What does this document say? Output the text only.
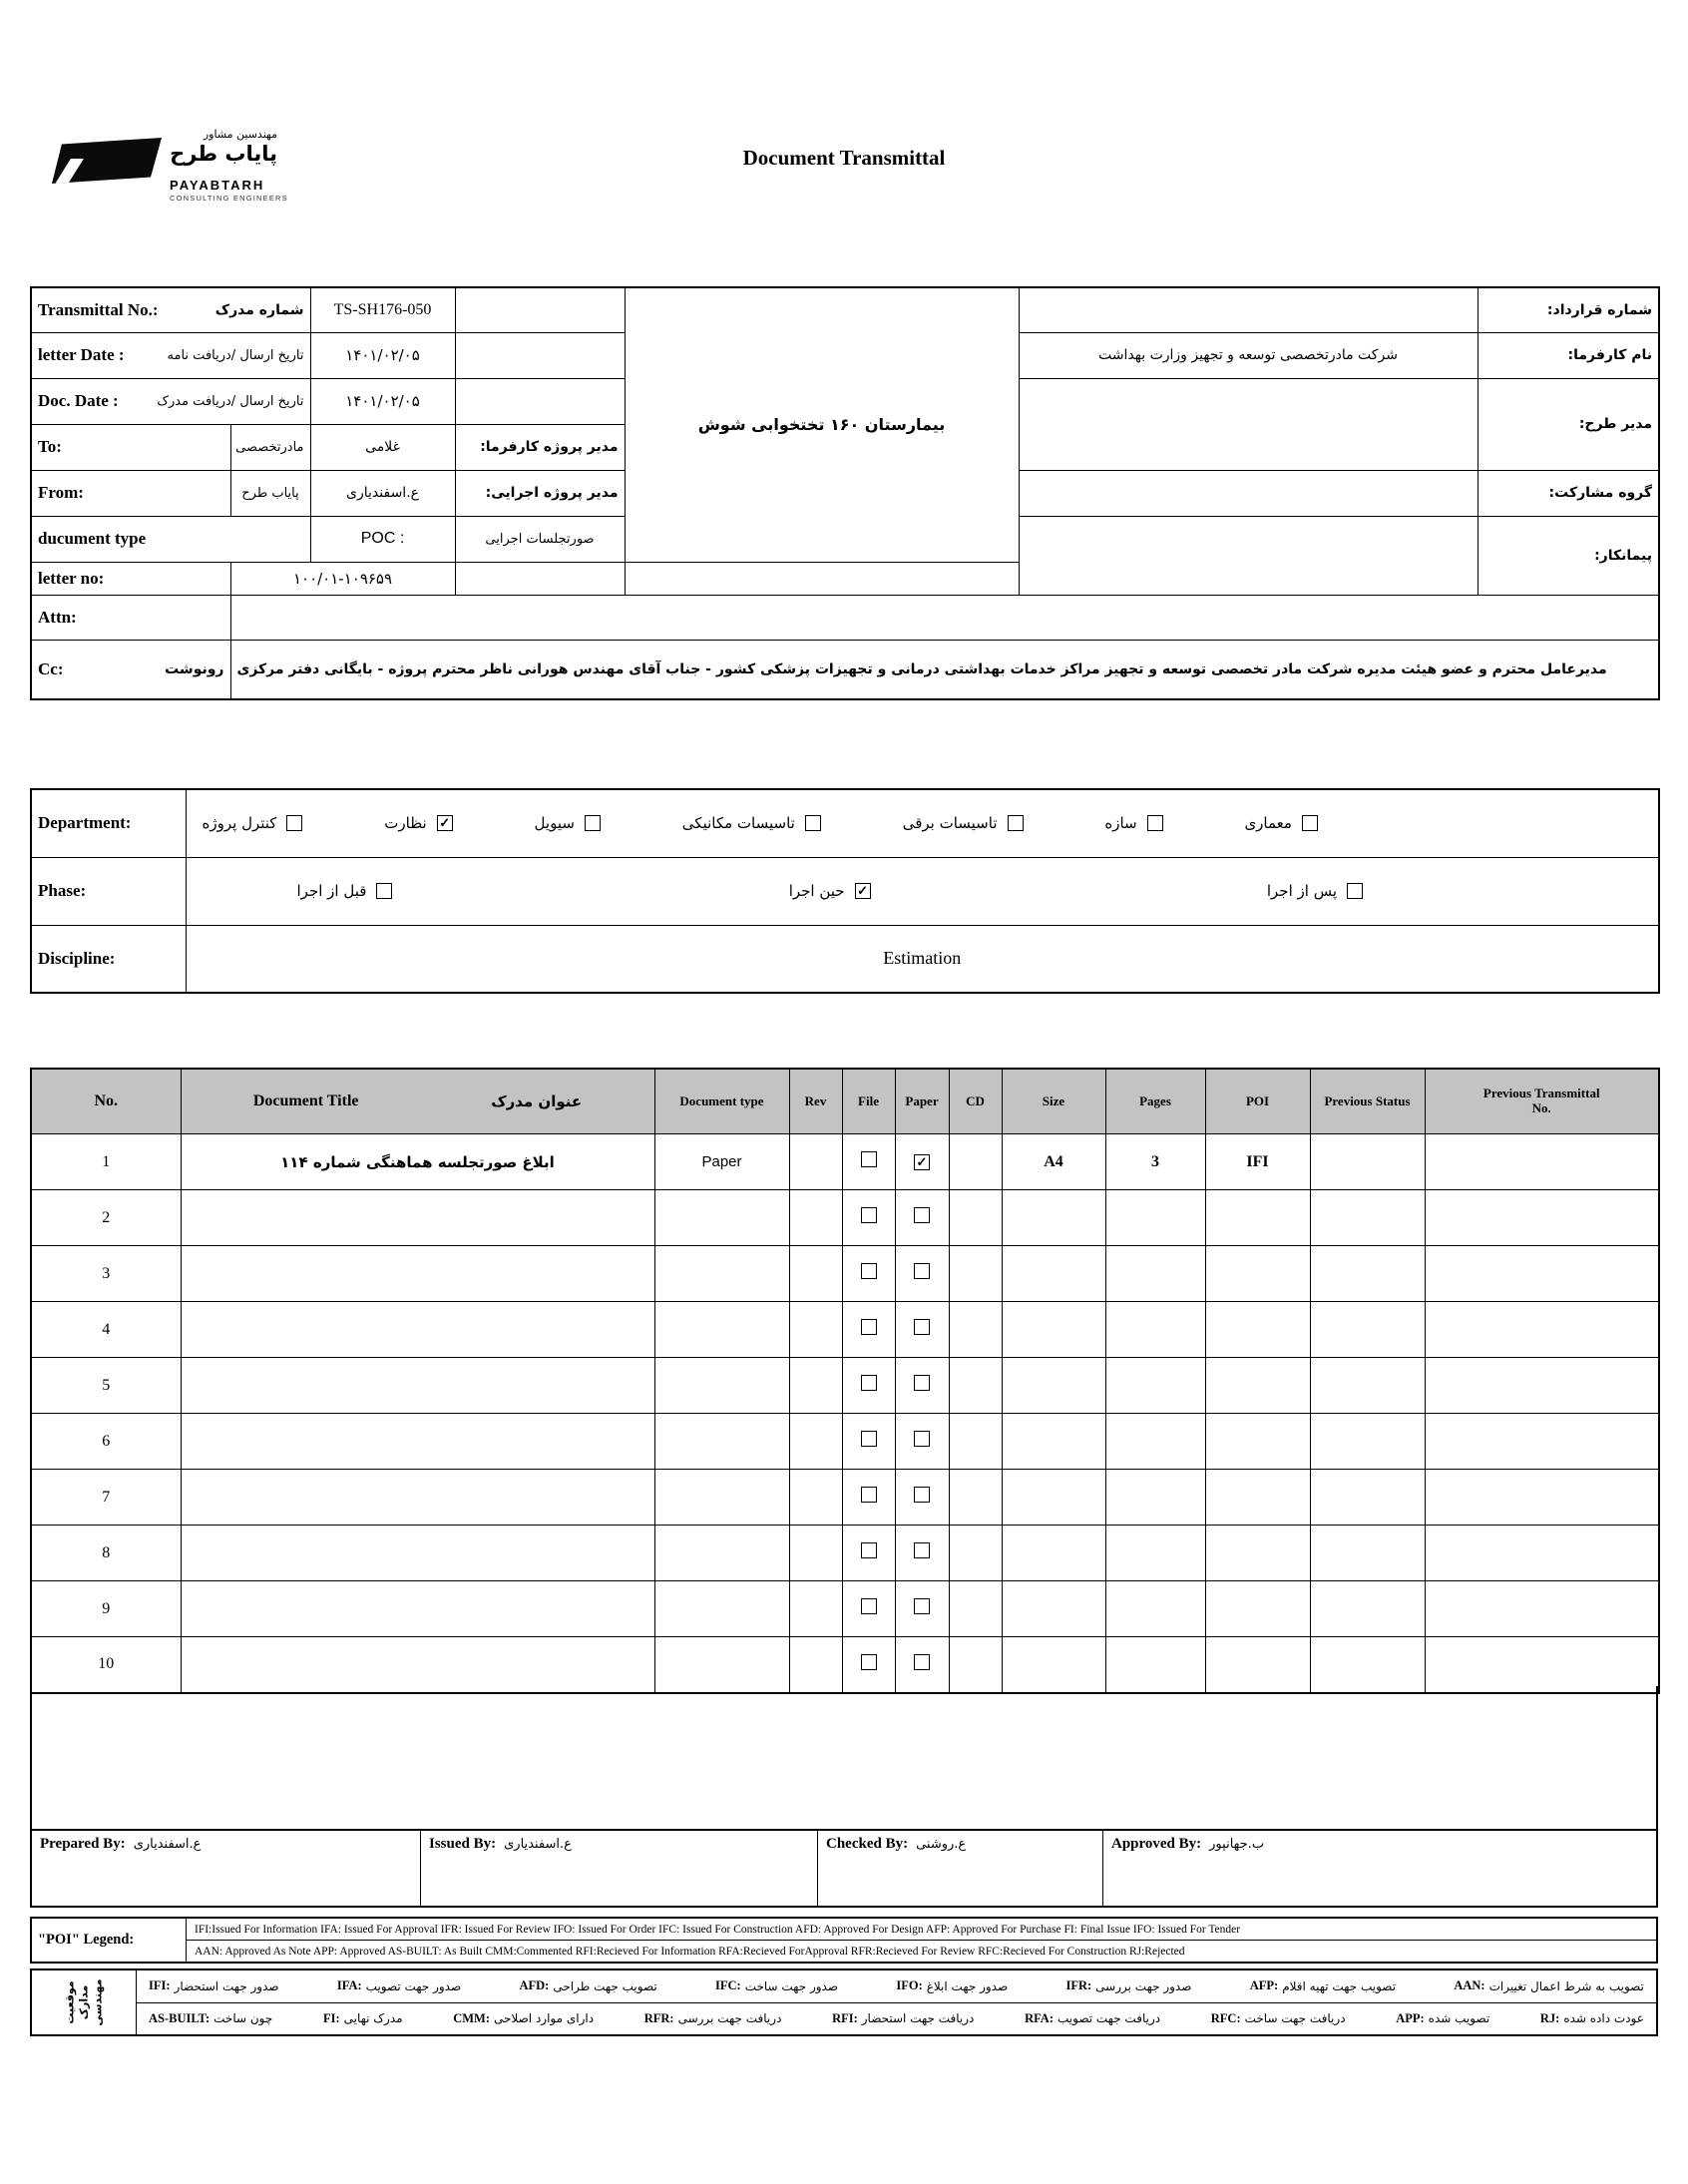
مهندسین مشاور
پایاب طرح
PAYABTARH
CONSULTING ENGINEERS
Document Transmittal
Transmittal No.: شماره مدرک		TS-SH176-050		بیمارستان ۱۶۰ تختخوابی شوش		شماره قرارداد:

letter Date : تاریخ ارسال /دریافت نامه		۱۴۰۱/۰۲/۰۵			شرکت مادرتخصصی توسعه و تجهیز وزارت بهداشت	نام کارفرما:

Doc. Date : تاریخ ارسال /دریافت مدرک		۱۴۰۱/۰۲/۰۵				مدیر طرح:
To:	مادرتخصصی	غلامی	مدیر پروژه کارفرما:			
From:	پایاب طرح	ع.اسفندیاری	مدیر پروژه اجرایی:			گروه مشارکت:
ducument type		POC :	صورتجلسات اجرایی			پیمانکار:
letter no:	۱۰۰/۰۱-۱۰۹۶۵۹					
Attn:						

Cc: رونوشت	مدیرعامل محترم و عضو هیئت مدیره شرکت مادر تخصصی توسعه و تجهیز مراکز خدمات بهداشتی درمانی و تجهیزات پزشکی کشور - جناب آقای مهندس هورانی ناظر محترم پروژه - بایگانی دفتر مرکزی					
Department:	کنترل پروژه	نظارت ✓	سیویل	تاسیسات مکانیکی	تاسیسات برقی	سازه	معماری

Phase:	قبل از اجرا حین اجرا ✓ پس از اجرا

Discipline:	Estimation
No.	Document Title عنوان مدرک	Document type	Rev	File	Paper	CD	Size	Pages	POI	Previous Status	Previous Transmittal No.

1	ابلاغ صورتجلسه هماهنگی شماره ۱۱۴	Paper			✓		A4	3	IFI		
2											
3											
4											
5											
6											
7											
8											
9											
10											
Prepared By: ع.اسفندیاری	Issued By: ع.اسفندیاری	Checked By: ع.روشنی	Approved By: ب.جهانپور
"POI" Legend:
IFI:Issued For Information IFA: Issued For Approval IFR: Issued For Review IFO: Issued For Order IFC: Issued For Construction AFD: Approved For Design AFP: Approved For Purchase FI: Final Issue IFO: Issued For Tender
AAN: Approved As Note APP: Approved AS-BUILT: As Built CMM:Commented RFI:Recieved For Information RFA:Recieved ForApproval RFR:Recieved For Review RFC:Recieved For Construction RJ:Rejected
موقعیت مدارک مهندسی	IFI: صدور جهت استحضار	IFA: صدور جهت تصویب	AFD: تصویب جهت طراحی	IFC: صدور جهت ساخت	IFO: صدور جهت ابلاغ	IFR: صدور جهت بررسی	AFP: تصویب جهت تهیه اقلام	AAN: تصویب به شرط اعمال تغییرات
AS-BUILT: چون ساخت	FI: مدرک نهایی	CMM: دارای موارد اصلاحی	RFR: دریافت جهت بررسی	RFI: دریافت جهت استحضار	RFA: دریافت جهت تصویب	RFC: دریافت جهت ساخت	APP: تصویب شده	RJ: عودت داده شده
